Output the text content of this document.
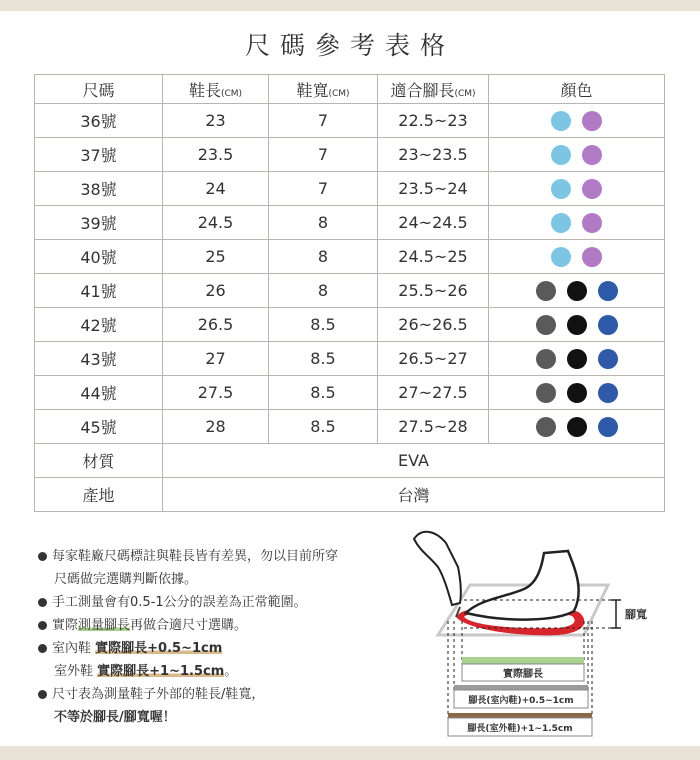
尺碼參考表格
尺碼	鞋長(CM)	鞋寬(CM)	適合腳長(CM)	顏色
36號	23	7	22.5~23	

37號	23.5	7	23~23.5	

38號	24	7	23.5~24	

39號	24.5	8	24~24.5	

40號	25	8	24.5~25	

41號	26	8	25.5~26	

42號	26.5	8.5	26~26.5	

43號	27	8.5	26.5~27	

44號	27.5	8.5	27~27.5	

45號	28	8.5	27.5~28	

材質	EVA			
產地	台灣			
每家鞋廠尺碼標註與鞋長皆有差異，勿以目前所穿
尺碼做完選購判斷依據。
手工測量會有0.5-1公分的誤差為正常範圍。
實際測量腳長再做合適尺寸選購。
室內鞋 實際腳長+0.5~1cm
室外鞋 實際腳長+1~1.5cm。
尺寸表為測量鞋子外部的鞋長/鞋寬，
不等於腳長/腳寬喔！
腳寬
實際腳長
腳長(室內鞋)+0.5~1cm
腳長(室外鞋)+1~1.5cm
